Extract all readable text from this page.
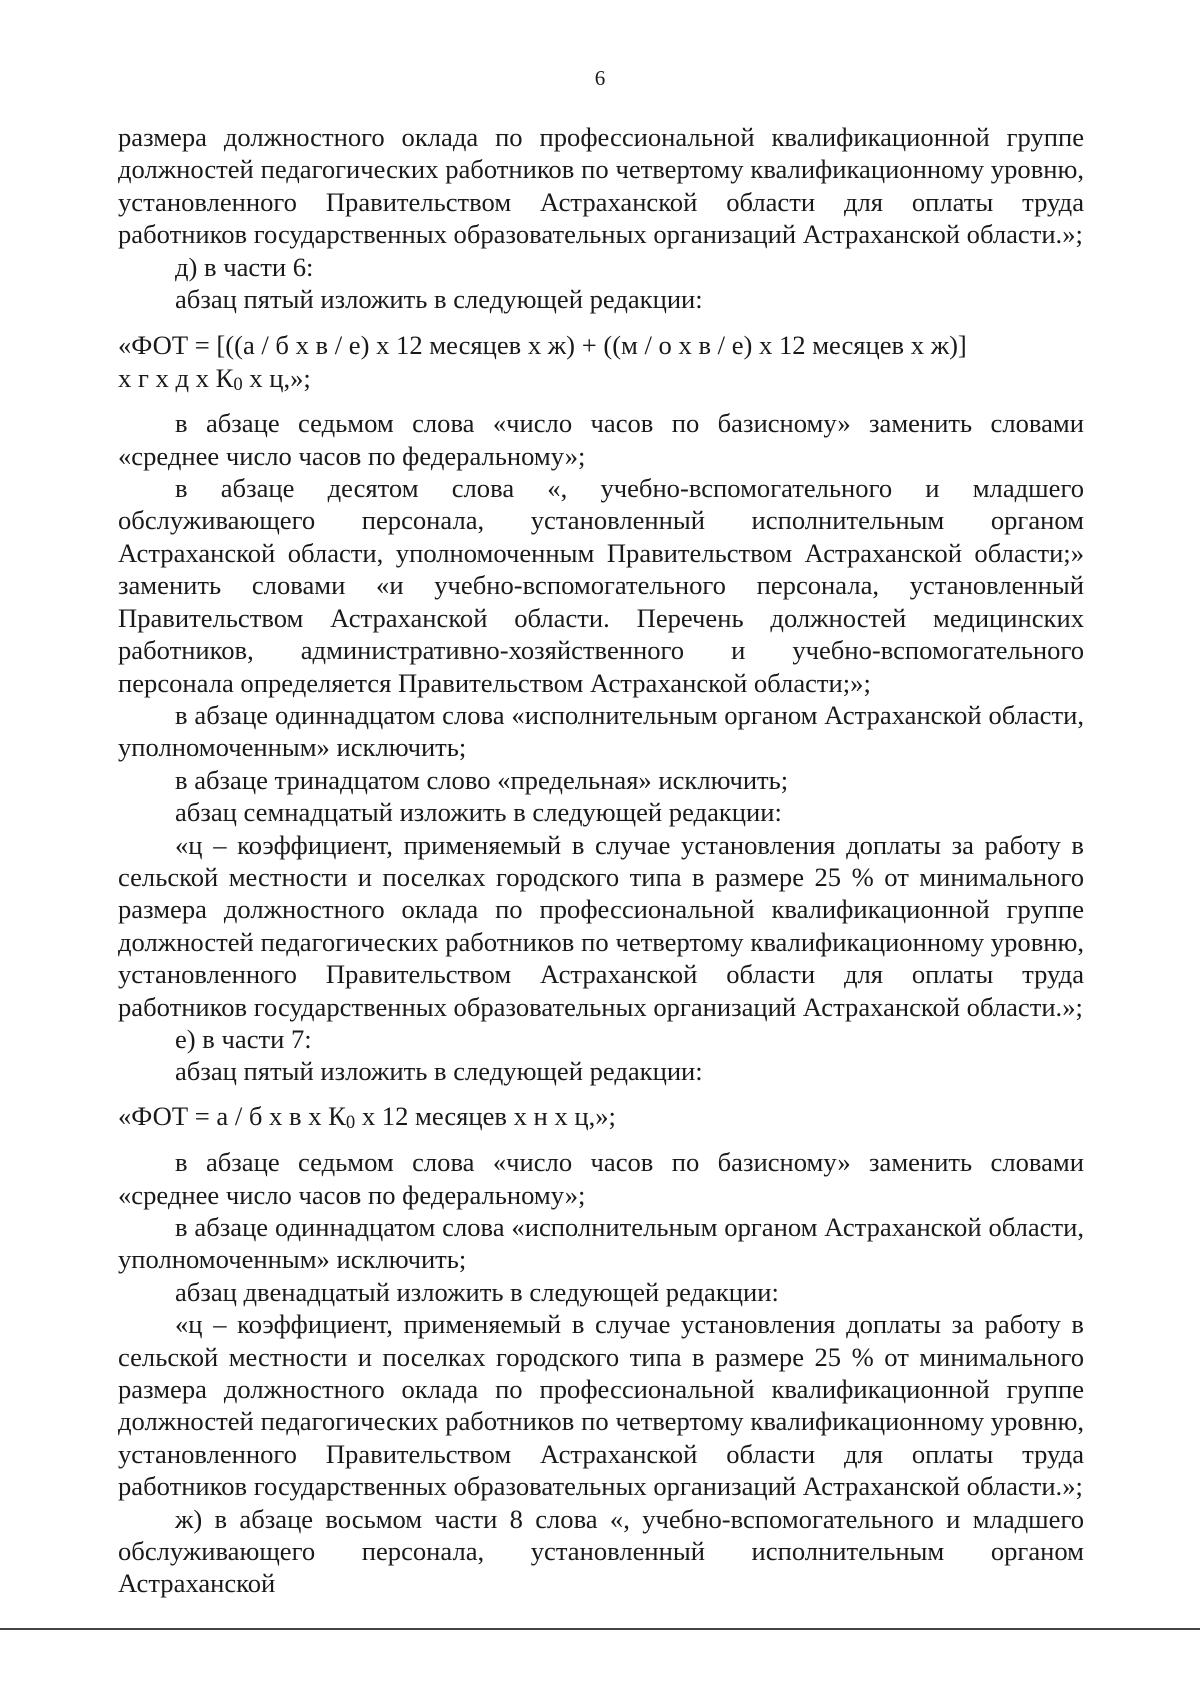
6

размера должностного оклада по профессиональной квалификационной группе должностей педагогических работников по четвертому квалификационному уровню, установленного Правительством Астраханской области для оплаты труда работников государственных образовательных организаций Астраханской области.»;

д) в части 6:

абзац пятый изложить в следующей редакции:

«ФОТ = [((а / б х в / е) х 12 месяцев х ж) + ((м / о х в / е) х 12 месяцев х ж)]

х г х д х $К_0$ х ц,»;

в абзаце седьмом слова «число часов по базисному» заменить словами «среднее число часов по федеральному»;

в абзаце десятом слова «, учебно-вспомогательного и младшего обслуживающего персонала, установленный исполнительным органом Астраханской области, уполномоченным Правительством Астраханской области;» заменить словами «и учебно-вспомогательного персонала, установленный Правительством Астраханской области. Перечень должностей медицинских работников, административно-хозяйственного и учебно-вспомогательного персонала определяется Правительством Астраханской области;»;

в абзаце одиннадцатом слова «исполнительным органом Астраханской области, уполномоченным» исключить;

в абзаце тринадцатом слово «предельная» исключить;

абзац семнадцатый изложить в следующей редакции:

«ц – коэффициент, применяемый в случае установления доплаты за работу в сельской местности и поселках городского типа в размере 25 % от минимального размера должностного оклада по профессиональной квалификационной группе должностей педагогических работников по четвертому квалификационному уровню, установленного Правительством Астраханской области для оплаты труда работников государственных образовательных организаций Астраханской области.»;

е) в части 7:

абзац пятый изложить в следующей редакции:

«ФОТ = а / б х в х $К_0$ х 12 месяцев х н х ц,»;

в абзаце седьмом слова «число часов по базисному» заменить словами «среднее число часов по федеральному»;

в абзаце одиннадцатом слова «исполнительным органом Астраханской области, уполномоченным» исключить;

абзац двенадцатый изложить в следующей редакции:

«ц – коэффициент, применяемый в случае установления доплаты за работу в сельской местности и поселках городского типа в размере 25 % от минимального размера должностного оклада по профессиональной квалификационной группе должностей педагогических работников по четвертому квалификационному уровню, установленного Правительством Астраханской области для оплаты труда работников государственных образовательных организаций Астраханской области.»;

ж) в абзаце восьмом части 8 слова «, учебно-вспомогательного и младшего обслуживающего персонала, установленный исполнительным органом Астраханской
